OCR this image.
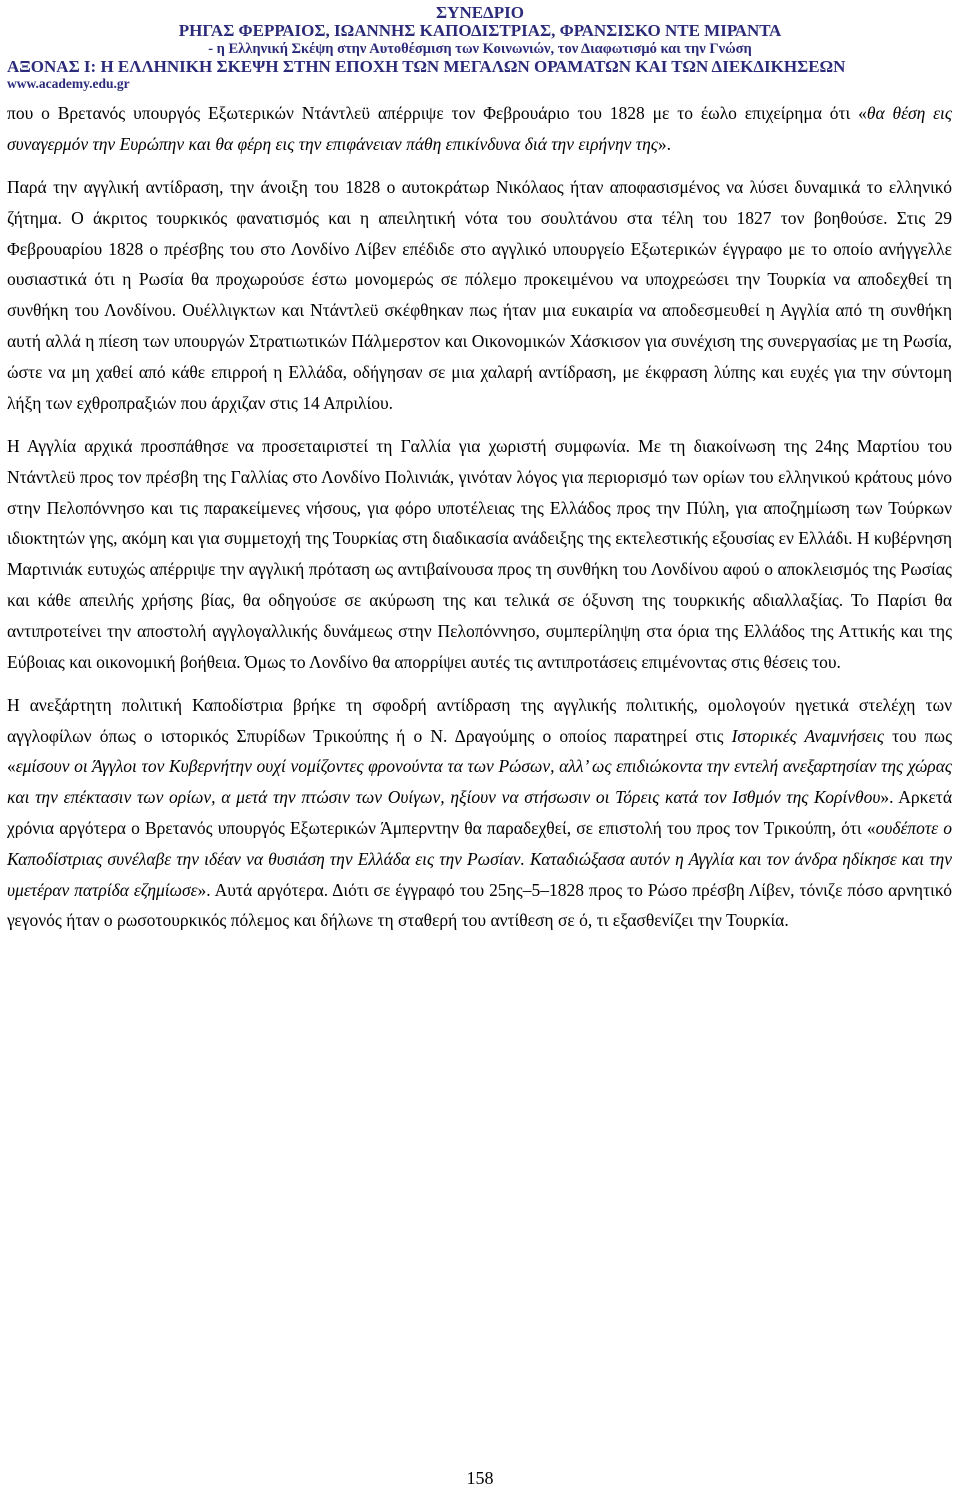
ΣΥΝΕΔΡΙΟ
ΡΗΓΑΣ ΦΕΡΡΑΙΟΣ, ΙΩΑΝΝΗΣ ΚΑΠΟΔΙΣΤΡΙΑΣ, ΦΡΑΝΣΙΣΚΟ ΝΤΕ ΜΙΡΑΝΤΑ
- η Ελληνική Σκέψη στην Αυτοθέσμιση των Κοινωνιών, τον Διαφωτισμό και την Γνώση
ΑΞΟΝΑΣ Ι: Η ΕΛΛΗΝΙΚΗ ΣΚΕΨΗ ΣΤΗΝ ΕΠΟΧΗ ΤΩΝ ΜΕΓΑΛΩΝ ΟΡΑΜΑΤΩΝ ΚΑΙ ΤΩΝ ΔΙΕΚΔΙΚΗΣΕΩΝ
www.academy.edu.gr

που ο Βρετανός υπουργός Εξωτερικών Ντάντλεϋ απέρριψε τον Φεβρουάριο του 1828 με το έωλο επιχείρημα ότι «θα θέση εις συναγερμόν την Ευρώπην και θα φέρη εις την επιφάνειαν πάθη επικίνδυνα διά την ειρήνην της».

Παρά την αγγλική αντίδραση, την άνοιξη του 1828 ο αυτοκράτωρ Νικόλαος ήταν αποφασισμένος να λύσει δυναμικά το ελληνικό ζήτημα. Ο άκριτος τουρκικός φανατισμός και η απειλητική νότα του σουλτάνου στα τέλη του 1827 τον βοηθούσε. Στις 29 Φεβρουαρίου 1828 ο πρέσβης του στο Λονδίνο Λίβεν επέδιδε στο αγγλικό υπουργείο Εξωτερικών έγγραφο με το οποίο ανήγγελλε ουσιαστικά ότι η Ρωσία θα προχωρούσε έστω μονομερώς σε πόλεμο προκειμένου να υποχρεώσει την Τουρκία να αποδεχθεί τη συνθήκη του Λονδίνου. Ουέλλιγκτων και Ντάντλεϋ σκέφθηκαν πως ήταν μια ευκαιρία να αποδεσμευθεί η Αγγλία από τη συνθήκη αυτή αλλά η πίεση των υπουργών Στρατιωτικών Πάλμερστον και Οικονομικών Χάσκισον για συνέχιση της συνεργασίας με τη Ρωσία, ώστε να μη χαθεί από κάθε επιρροή η Ελλάδα, οδήγησαν σε μια χαλαρή αντίδραση, με έκφραση λύπης και ευχές για την σύντομη λήξη των εχθροπραξιών που άρχιζαν στις 14 Απριλίου.

Η Αγγλία αρχικά προσπάθησε να προσεταιριστεί τη Γαλλία για χωριστή συμφωνία. Με τη διακοίνωση της 24ης Μαρτίου του Ντάντλεϋ προς τον πρέσβη της Γαλλίας στο Λονδίνο Πολινιάκ, γινόταν λόγος για περιορισμό των ορίων του ελληνικού κράτους μόνο στην Πελοπόννησο και τις παρακείμενες νήσους, για φόρο υποτέλειας της Ελλάδος προς την Πύλη, για αποζημίωση των Τούρκων ιδιοκτητών γης, ακόμη και για συμμετοχή της Τουρκίας στη διαδικασία ανάδειξης της εκτελεστικής εξουσίας εν Ελλάδι. Η κυβέρνηση Μαρτινιάκ ευτυχώς απέρριψε την αγγλική πρόταση ως αντιβαίνουσα προς τη συνθήκη του Λονδίνου αφού ο αποκλεισμός της Ρωσίας και κάθε απειλής χρήσης βίας, θα οδηγούσε σε ακύρωση της και τελικά σε όξυνση της τουρκικής αδιαλλαξίας. Το Παρίσι θα αντιπροτείνει την αποστολή αγγλογαλλικής δυνάμεως στην Πελοπόννησο, συμπερίληψη στα όρια της Ελλάδος της Αττικής και της Εύβοιας και οικονομική βοήθεια. Όμως το Λονδίνο θα απορρίψει αυτές τις αντιπροτάσεις επιμένοντας στις θέσεις του.

Η ανεξάρτητη πολιτική Καποδίστρια βρήκε τη σφοδρή αντίδραση της αγγλικής πολιτικής, ομολογούν ηγετικά στελέχη των αγγλοφίλων όπως ο ιστορικός Σπυρίδων Τρικούπης ή ο Ν. Δραγούμης ο οποίος παρατηρεί στις Ιστορικές Αναμνήσεις του πως «εμίσουν οι Άγγλοι τον Κυβερνήτην ουχί νομίζοντες φρονούντα τα των Ρώσων, αλλ’ ως επιδιώκοντα την εντελή ανεξαρτησίαν της χώρας και την επέκτασιν των ορίων, α μετά την πτώσιν των Ουίγων, ηξίουν να στήσωσιν οι Τόρεις κατά τον Ισθμόν της Κορίνθου». Αρκετά χρόνια αργότερα ο Βρετανός υπουργός Εξωτερικών Άμπερντην θα παραδεχθεί, σε επιστολή του προς τον Τρικούπη, ότι «ουδέποτε ο Καποδίστριας συνέλαβε την ιδέαν να θυσιάση την Ελλάδα εις την Ρωσίαν. Καταδιώξασα αυτόν η Αγγλία και τον άνδρα ηδίκησε και την υμετέραν πατρίδα εζημίωσε». Αυτά αργότερα. Διότι σε έγγραφό του 25ης–5–1828 προς το Ρώσο πρέσβη Λίβεν, τόνιζε πόσο αρνητικό γεγονός ήταν ο ρωσοτουρκικός πόλεμος και δήλωνε τη σταθερή του αντίθεση σε ό, τι εξασθενίζει την Τουρκία.

158
